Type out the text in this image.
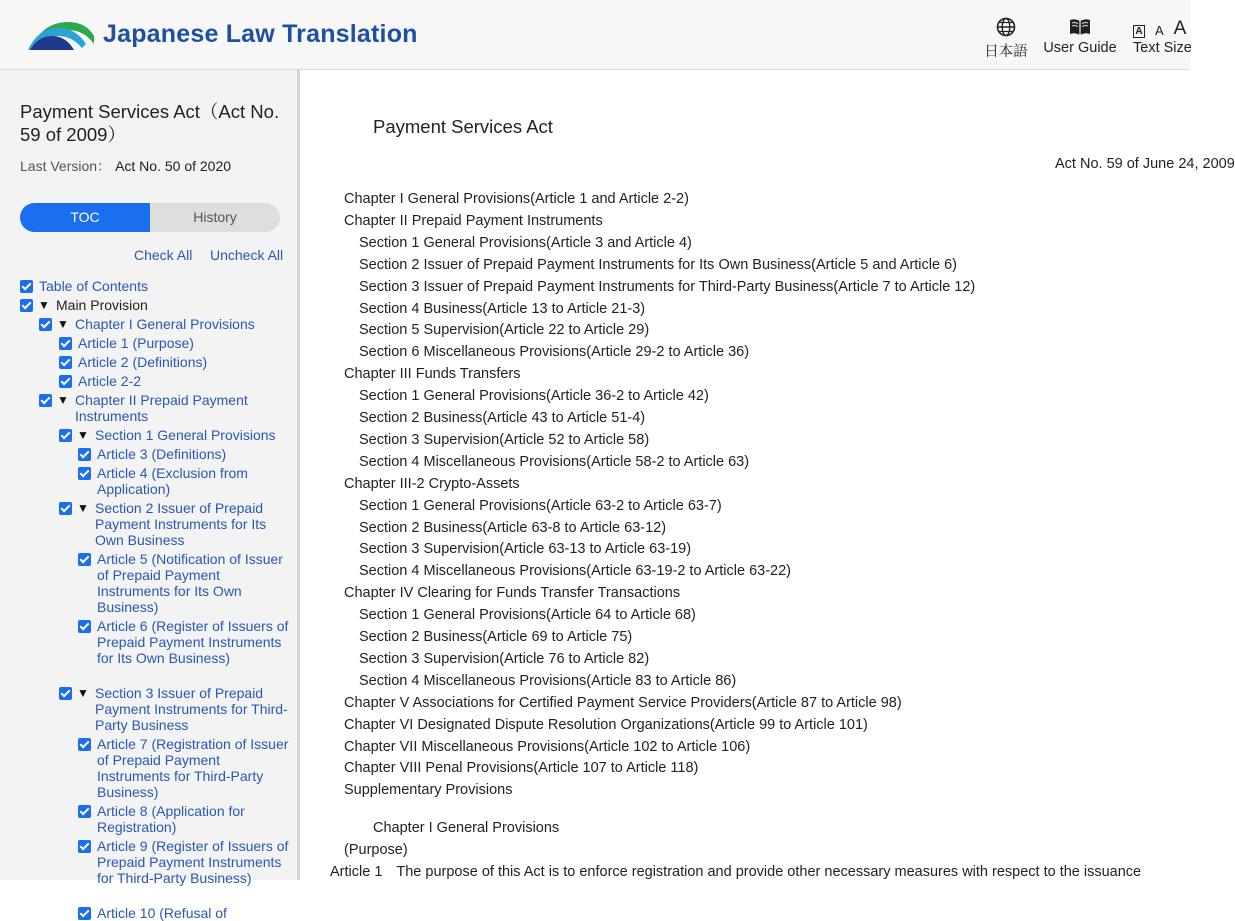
Japanese Law Translation
日本語 User Guide
A A A
Text Size
Payment Services Act（Act No. 59 of 2009）
Last Version： Act No. 50 of 2020
TOC	History
Check All Uncheck All
Table of Contents
▼ Main Provision
▼ Chapter I General Provisions
Article 1 (Purpose)
Article 2 (Definitions)
Article 2-2
▼ Chapter II Prepaid Payment Instruments
▼ Section 1 General Provisions
Article 3 (Definitions)
Article 4 (Exclusion from Application)
▼ Section 2 Issuer of Prepaid Payment Instruments for Its Own Business
Article 5 (Notification of Issuer of Prepaid Payment Instruments for Its Own Business)
Article 6 (Register of Issuers of Prepaid Payment Instruments for Its Own Business)
▼ Section 3 Issuer of Prepaid Payment Instruments for Third-Party Business
Article 7 (Registration of Issuer of Prepaid Payment Instruments for Third-Party Business)
Article 8 (Application for Registration)
Article 9 (Register of Issuers of Prepaid Payment Instruments for Third-Party Business)
Article 10 (Refusal of
Payment Services Act
Act No. 59 of June 24, 2009
Chapter I General Provisions(Article 1 and Article 2-2)
Chapter II Prepaid Payment Instruments
Section 1 General Provisions(Article 3 and Article 4)
Section 2 Issuer of Prepaid Payment Instruments for Its Own Business(Article 5 and Article 6)
Section 3 Issuer of Prepaid Payment Instruments for Third-Party Business(Article 7 to Article 12)
Section 4 Business(Article 13 to Article 21-3)
Section 5 Supervision(Article 22 to Article 29)
Section 6 Miscellaneous Provisions(Article 29-2 to Article 36)
Chapter III Funds Transfers
Section 1 General Provisions(Article 36-2 to Article 42)
Section 2 Business(Article 43 to Article 51-4)
Section 3 Supervision(Article 52 to Article 58)
Section 4 Miscellaneous Provisions(Article 58-2 to Article 63)
Chapter III-2 Crypto-Assets
Section 1 General Provisions(Article 63-2 to Article 63-7)
Section 2 Business(Article 63-8 to Article 63-12)
Section 3 Supervision(Article 63-13 to Article 63-19)
Section 4 Miscellaneous Provisions(Article 63-19-2 to Article 63-22)
Chapter IV Clearing for Funds Transfer Transactions
Section 1 General Provisions(Article 64 to Article 68)
Section 2 Business(Article 69 to Article 75)
Section 3 Supervision(Article 76 to Article 82)
Section 4 Miscellaneous Provisions(Article 83 to Article 86)
Chapter V Associations for Certified Payment Service Providers(Article 87 to Article 98)
Chapter VI Designated Dispute Resolution Organizations(Article 99 to Article 101)
Chapter VII Miscellaneous Provisions(Article 102 to Article 106)
Chapter VIII Penal Provisions(Article 107 to Article 118)
Supplementary Provisions
Chapter I General Provisions
(Purpose)
Article 1 The purpose of this Act is to enforce registration and provide other necessary measures with respect to the issuance
